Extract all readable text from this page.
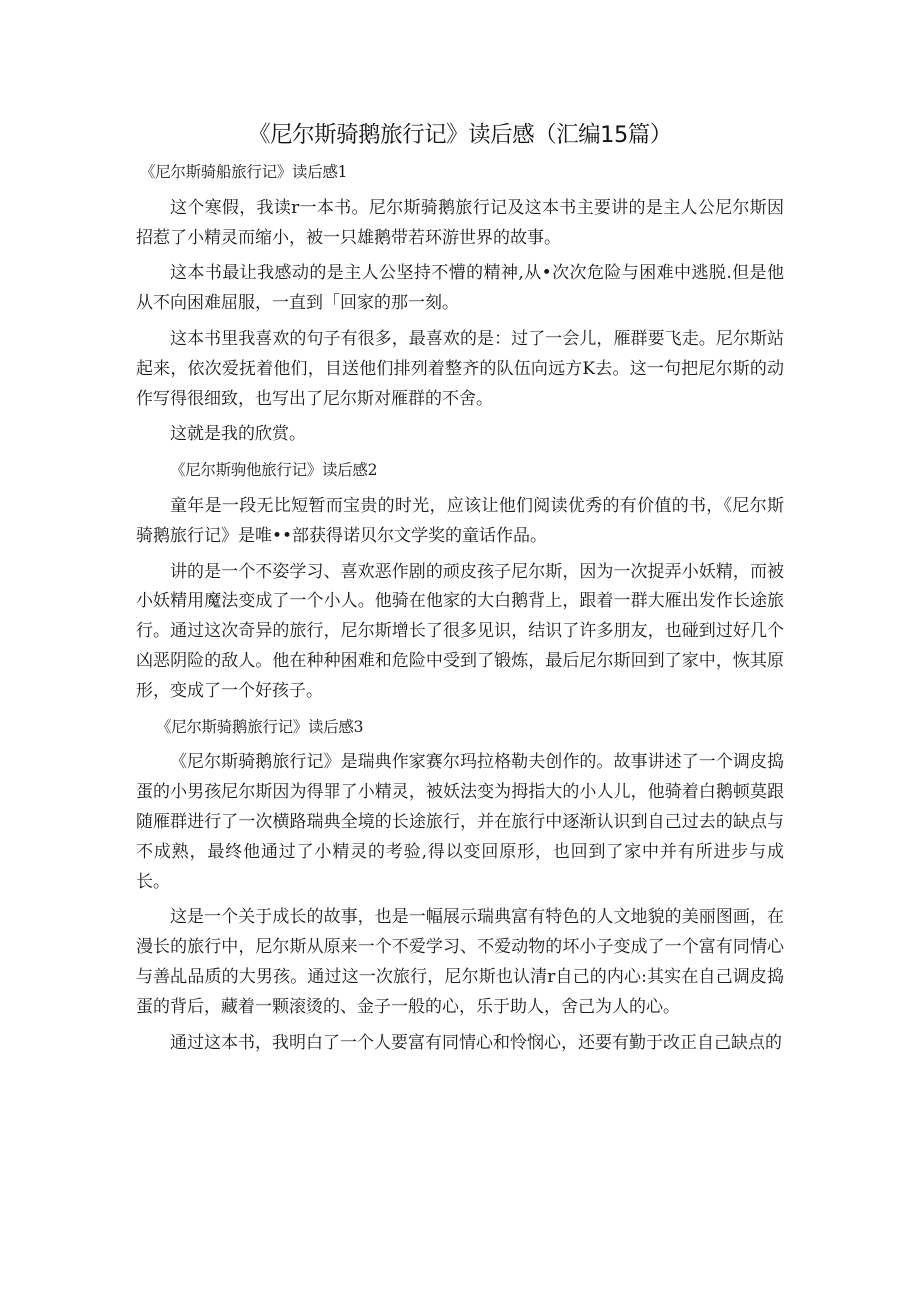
《尼尔斯骑鹅旅行记》读后感（汇编15篇）

《尼尔斯骑船旅行记》读后感1

这个寒假，我读r一本书。尼尔斯骑鹅旅行记及这本书主要讲的是主人公尼尔斯因招惹了小精灵而缩小，被一只雄鹅带若环游世界的故事。

这本书最让我感动的是主人公坚持不懵的精神,从•次次危险与困难中逃脱.但是他从不向困难屈服，一直到「回家的那一刻。

这本书里我喜欢的句子有很多，最喜欢的是：过了一会儿，雁群要飞走。尼尔斯站起来，依次爱抚着他们，目送他们排列着整齐的队伍向远方K去。这一句把尼尔斯的动作写得很细致，也写出了尼尔斯对雁群的不舍。

这就是我的欣赏。

《尼尔斯驹他旅行记》读后感2

童年是一段无比短暂而宝贵的时光，应该让他们阅读优秀的有价值的书，《尼尔斯骑鹅旅行记》是唯••部获得诺贝尔文学奖的童话作品。

讲的是一个不姿学习、喜欢恶作剧的顽皮孩子尼尔斯，因为一次捉弄小妖精，而被小妖精用魔法变成了一个小人。他骑在他家的大白鹅背上，跟着一群大雁出发作长途旅行。通过这次奇异的旅行，尼尔斯增长了很多见识，结识了许多朋友，也碰到过好几个凶恶阴险的敌人。他在种种困难和危险中受到了锻炼，最后尼尔斯回到了家中，恢其原形，变成了一个好孩子。

《尼尔斯骑鹅旅行记》读后感3

《尼尔斯骑鹅旅行记》是瑞典作家赛尔玛拉格勒夫创作的。故事讲述了一个调皮捣蛋的小男孩尼尔斯因为得罪了小精灵，被妖法变为拇指大的小人儿，他骑着白鹅顿莫跟随雁群进行了一次横路瑞典全境的长途旅行，并在旅行中逐渐认识到自己过去的缺点与不成熟，最终他通过了小精灵的考验,得以变回原形，也回到了家中并有所进步与成长。

这是一个关于成长的故事，也是一幅展示瑞典富有特色的人文地貌的美丽图画，在漫长的旅行中，尼尔斯从原来一个不爱学习、不爱动物的坏小子变成了一个富有同情心与善乩品质的大男孩。通过这一次旅行，尼尔斯也认清r自己的内心:其实在自己调皮捣蛋的背后，藏着一颗滚烫的、金子一般的心，乐于助人，舍己为人的心。

通过这本书，我明白了一个人要富有同情心和怜悯心，还要有勤于改正自己缺点的
